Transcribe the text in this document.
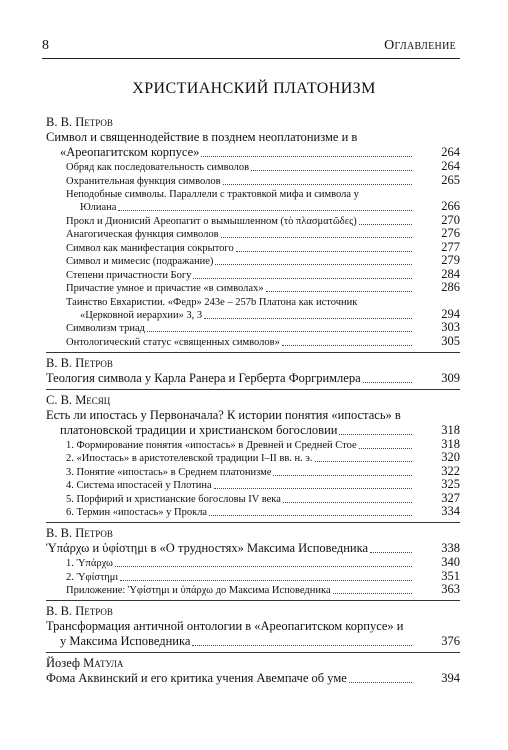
8	Оглавление
ХРИСТИАНСКИЙ ПЛАТОНИЗМ
В. В. Петров
Символ и священнодействие в позднем неоплатонизме и в
«Ареопагитском корпусе»	264
Обряд как последовательность символов	264
Охранительная функция символов	265
Неподобные символы. Параллели с трактовкой мифа и символа у
Юлиана	266
Прокл и Дионисий Ареопагит о вымышленном (τὸ πλασματῶδες)	270
Анагогическая функция символов	276
Символ как манифестация сокрытого	277
Символ и мимесис (подражание)	279
Степени причастности Богу	284
Причастие умное и причастие «в символах»	286
Таинство Евхаристии. «Федр» 243e – 257b Платона как источник
«Церковной иерархии» 3, 3	294
Символизм триад	303
Онтологический статус «священных символов»	305
В. В. Петров
Теология символа у Карла Ранера и Герберта Форгримлера	309
С. В. Месяц
Есть ли ипостась у Первоначала? К истории понятия «ипостась» в
платоновской традиции и христианском богословии	318
1. Формирование понятия «ипостась» в Древней и Средней Стое	318
2. «Ипостась» в аристотелевской традиции I–II вв. н. э.	320
3. Понятие «ипостась» в Среднем платонизме	322
4. Система ипостасей у Плотина	325
5. Порфирий и христианские богословы IV века	327
6. Термин «ипостась» у Прокла	334
В. В. Петров
Ὑπάρχω и ὑφίστημι в «О трудностях» Максима Исповедника	338
1. Ὑπάρχω	340
2. Ὑφίστημι	351
Приложение: Ὑφίστημι и ὑπάρχω до Максима Исповедника	363
В. В. Петров
Трансформация античной онтологии в «Ареопагитском корпусе» и
у Максима Исповедника	376
Йозеф Матула
Фома Аквинский и его критика учения Авемпаче об уме	394
